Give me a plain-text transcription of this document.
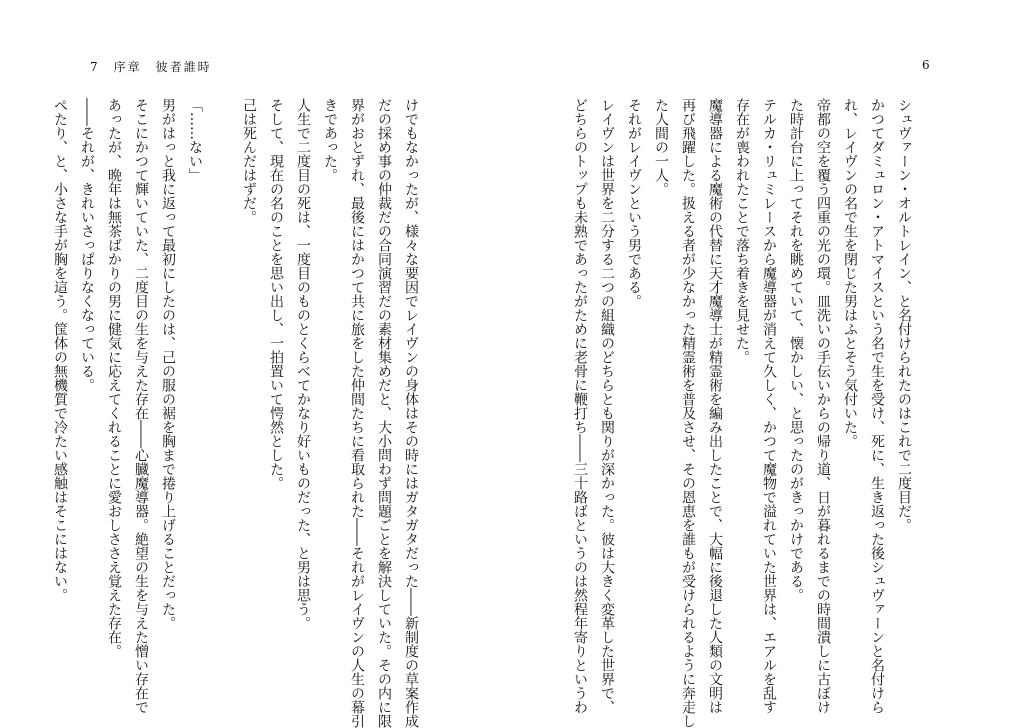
7　序章　彼者誰時	6
シュヴァーン・オルトレイン、と名付けられたのはこれで二度目だ。
かつてダミュロン・アトマイスという名で生を受け、死に、生き返った後シュヴァーンと名付けら
れ、レイヴンの名で生を閉じた男はふとそう気付いた。
帝都の空を覆う四重の光の環。皿洗いの手伝いからの帰り道、日が暮れるまでの時間潰しに古ぼけ
た時計台に上ってそれを眺めていて、懐かしい、と思ったのがきっかけである。
テルカ・リュミレースから魔導器が消えて久しく、かつて魔物で溢れていた世界は、エアルを乱す
存在が喪われたことで落ち着きを見せた。
魔導器による魔術の代替に天才魔導士が精霊術を編み出したことで、大幅に後退した人類の文明は
再び飛躍した。扱える者が少なかった精霊術を普及させ、その恩恵を誰もが受けられるように奔走し
た人間の一人。
それがレイヴンという男である。
レイヴンは世界を二分する二つの組織のどちらとも関りが深かった。彼は大きく変革した世界で、
どちらのトップも未熟であったがために老骨に鞭打ち――三十路ばというのは然程年寄りというわ
けでもなかったが、様々な要因でレイヴンの身体はその時にはガタガタだった――新制度の草案作成
だの採め事の仲裁だの合同演習だの素材集めだと、大小問わず問題ごとを解決していた。その内に限
界がおとずれ、最後にはかつて共に旅をした仲間たちに看取られた――それがレイヴンの人生の幕引
きであった。
人生で二度目の死は、一度目のものとくらべてかなり好いものだった、と男は思う。
そして、現在の名のことを思い出し、一拍置いて愕然とした。
己は死んだはずだ。
「……ない」
男がはっと我に返って最初にしたのは、己の服の裾を胸まで捲り上げることだった。
そこにかつて輝いていた、二度目の生を与えた存在――心臓魔導器。絶望の生を与えた憎い存在で
あったが、晩年は無茶ばかりの男に健気に応えてくれることに愛おしささえ覚えた存在。
――それが、きれいさっぱりなくなっている。
ぺたり、と、小さな手が胸を這う。筺体の無機質で冷たい感触はそこにはない。
